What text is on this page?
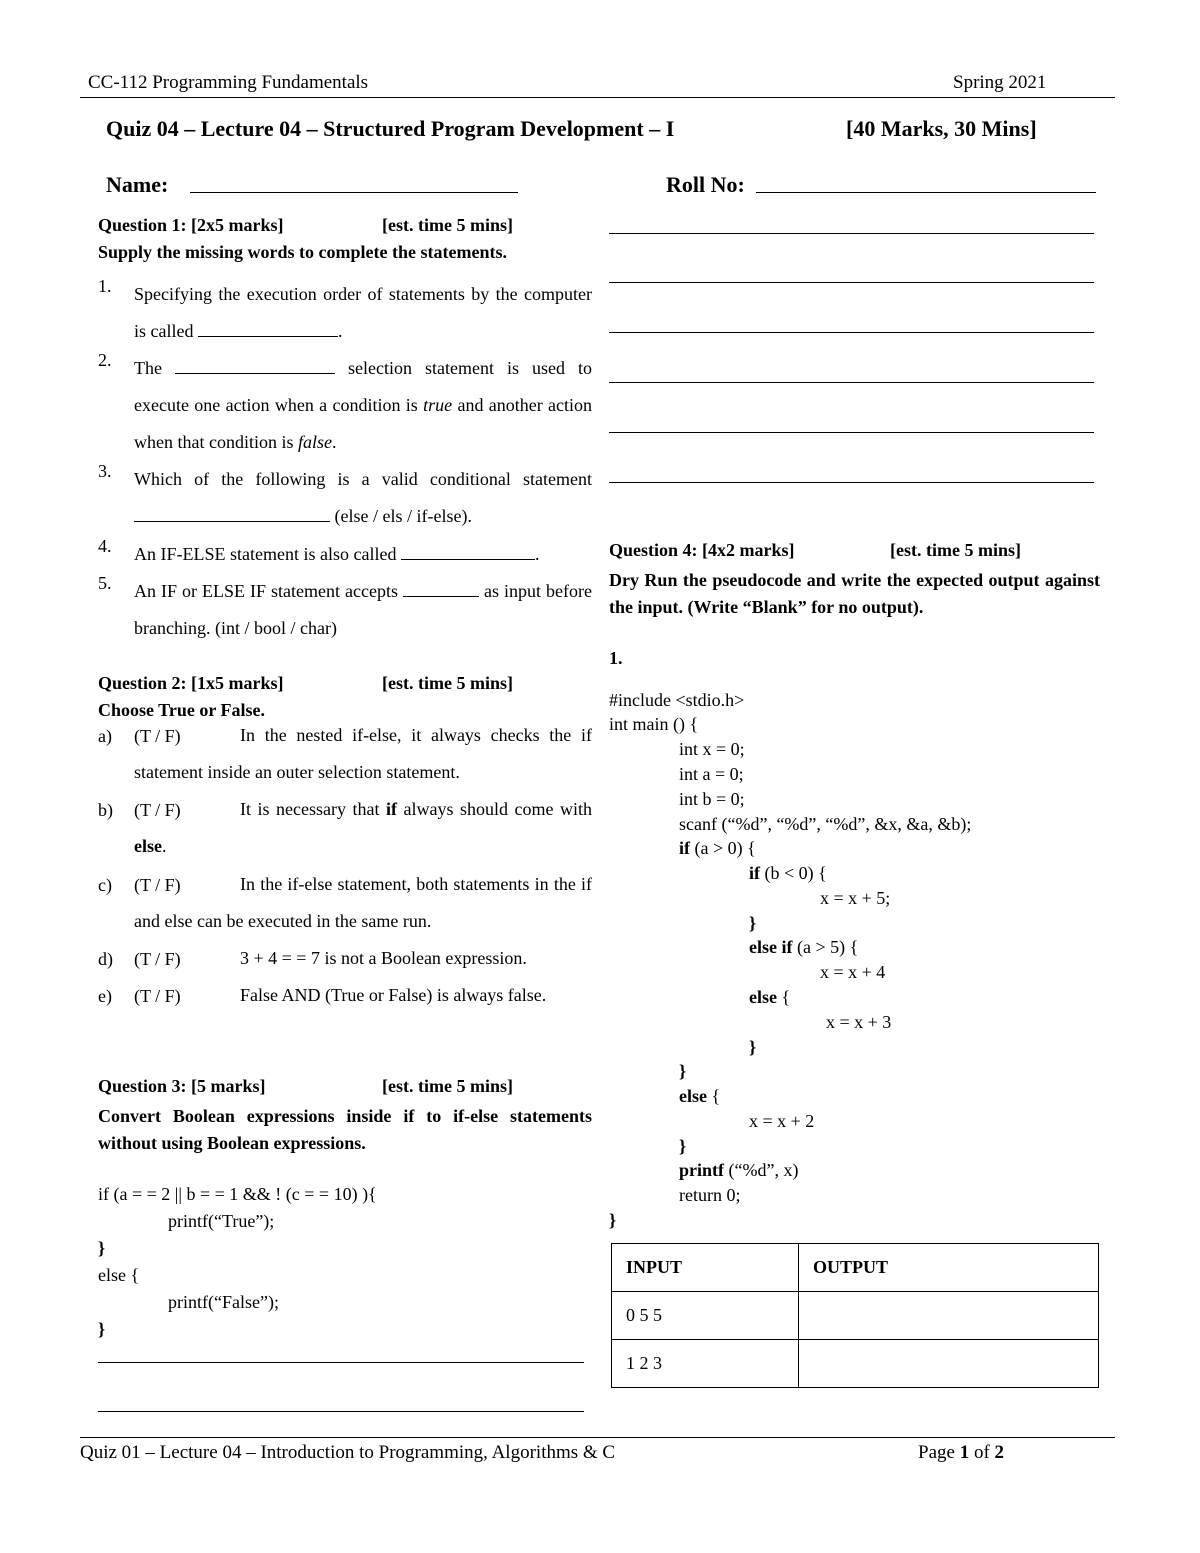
CC-112 Programming Fundamentals	Spring 2021
Quiz 04 – Lecture 04 – Structured Program Development – I	[40 Marks, 30 Mins]
Name:	Roll No:
Question 1: [2x5 marks]	[est. time 5 mins]
Supply the missing words to complete the statements.
1. Specifying the execution order of statements by the computer is called	.
2. The	selection statement is used to execute one action when a condition is true and another action when that condition is false.
3. Which of the following is a valid conditional statement  (else / els / if-else).
4. An IF-ELSE statement is also called	.
5. An IF or ELSE IF statement accepts	as input before branching. (int / bool / char)
Question 2: [1x5 marks]	[est. time 5 mins]
Choose True or False.
a) (T / F)	In the nested if-else, it always checks the if statement inside an outer selection statement.
b) (T / F)	It is necessary that if always should come with else.
c) (T / F)	In the if-else statement, both statements in the if and else can be executed in the same run.
d) (T / F)	3 + 4 = = 7 is not a Boolean expression.
e) (T / F)	False AND (True or False) is always false.
Question 3: [5 marks]	[est. time 5 mins]
Convert Boolean expressions inside if to if-else statements without using Boolean expressions.
if (a = = 2 || b = = 1 && ! (c = = 10) ){
printf(“True”);
}
else {
printf(“False”);
}
Question 4: [4x2 marks]	[est. time 5 mins]
Dry Run the pseudocode and write the expected output against the input. (Write “Blank” for no output).
1.
#include <stdio.h>
int main () {
int x = 0;
int a = 0;
int b = 0;
scanf (“%d”, “%d”, “%d”, &x, &a, &b);
if (a > 0) {
if (b < 0) {
x = x + 5;
}
else if (a > 5) {
x = x + 4
else {
x = x + 3
}
}
else {
x = x + 2
}
printf (“%d”, x)
return 0;
}
INPUT	OUTPUT
0 5 5	
1 2 3	
Quiz 01 – Lecture 04 – Introduction to Programming, Algorithms & C	Page 1 of 2
